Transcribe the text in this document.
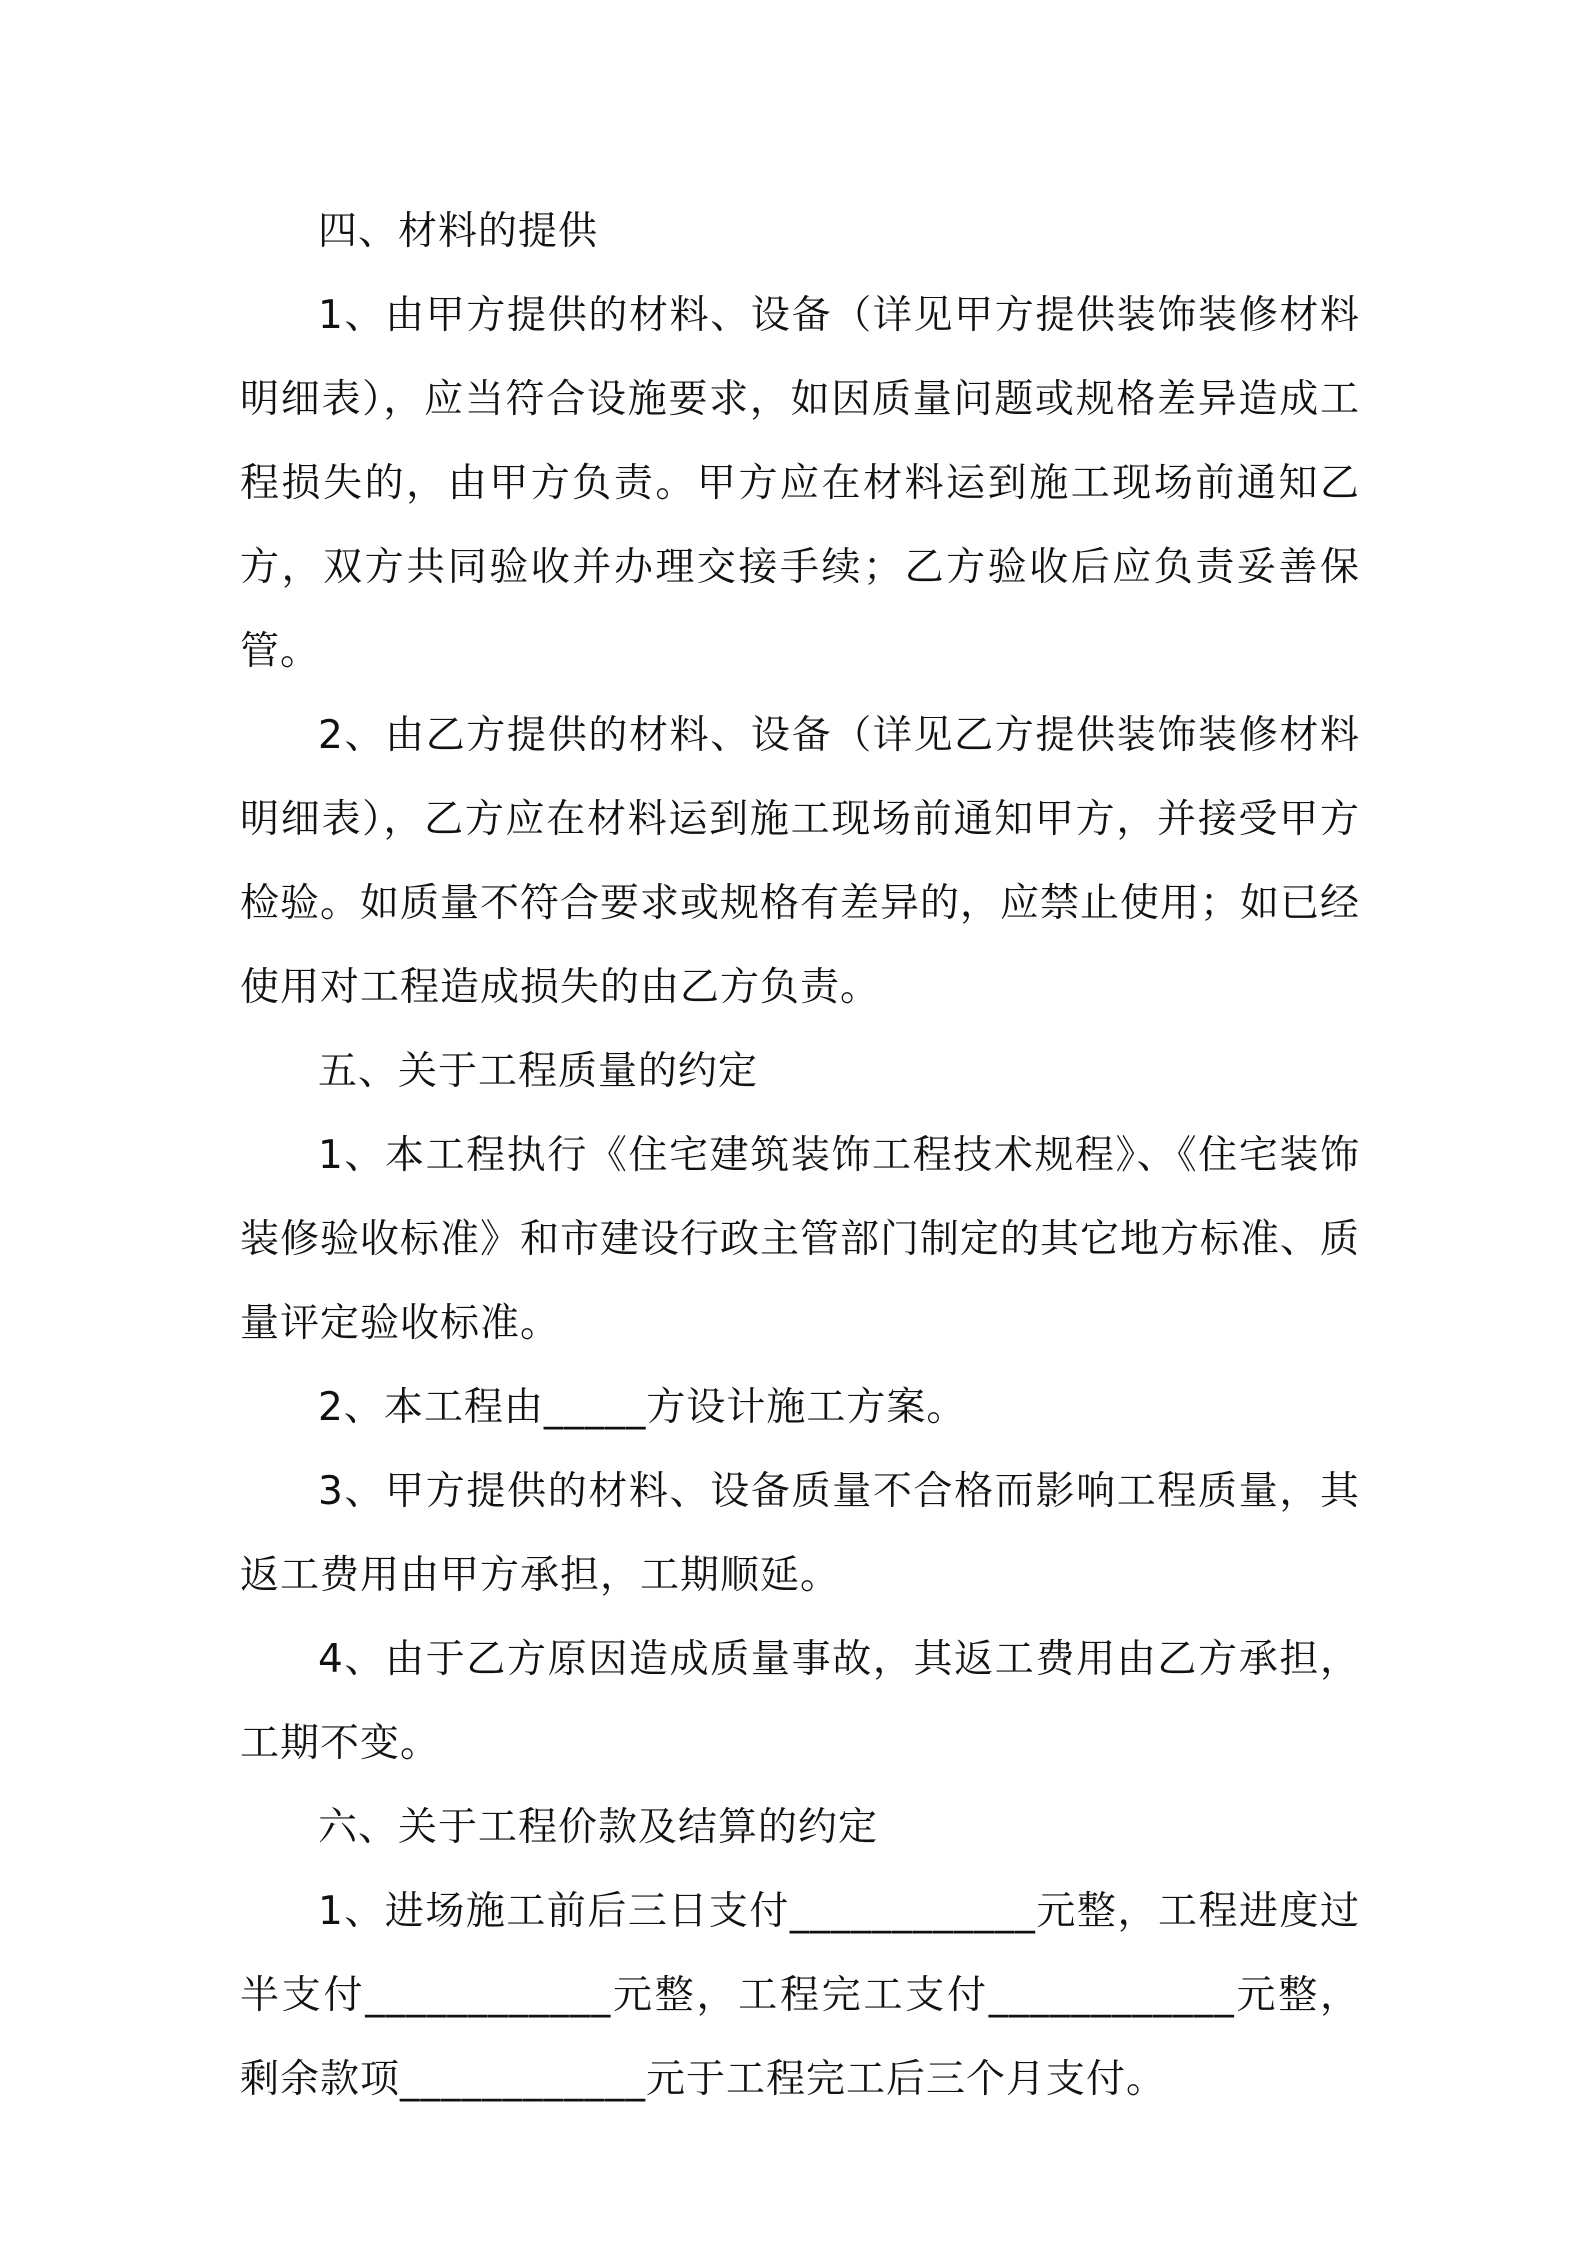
四、材料的提供

1、由甲方提供的材料、设备（详见甲方提供装饰装修材料明细表），应当符合设施要求，如因质量问题或规格差异造成工程损失的，由甲方负责。甲方应在材料运到施工现场前通知乙方，双方共同验收并办理交接手续；乙方验收后应负责妥善保管。

2、由乙方提供的材料、设备（详见乙方提供装饰装修材料明细表），乙方应在材料运到施工现场前通知甲方，并接受甲方检验。如质量不符合要求或规格有差异的，应禁止使用；如已经使用对工程造成损失的由乙方负责。

五、关于工程质量的约定

1、本工程执行《住宅建筑装饰工程技术规程》、《住宅装饰装修验收标准》和市建设行政主管部门制定的其它地方标准、质量评定验收标准。

2、本工程由_____方设计施工方案。

3、甲方提供的材料、设备质量不合格而影响工程质量，其返工费用由甲方承担，工期顺延。

4、由于乙方原因造成质量事故，其返工费用由乙方承担，工期不变。

六、关于工程价款及结算的约定

1、进场施工前后三日支付____________元整，工程进度过半支付____________元整，工程完工支付____________元整，剩余款项____________元于工程完工后三个月支付。
